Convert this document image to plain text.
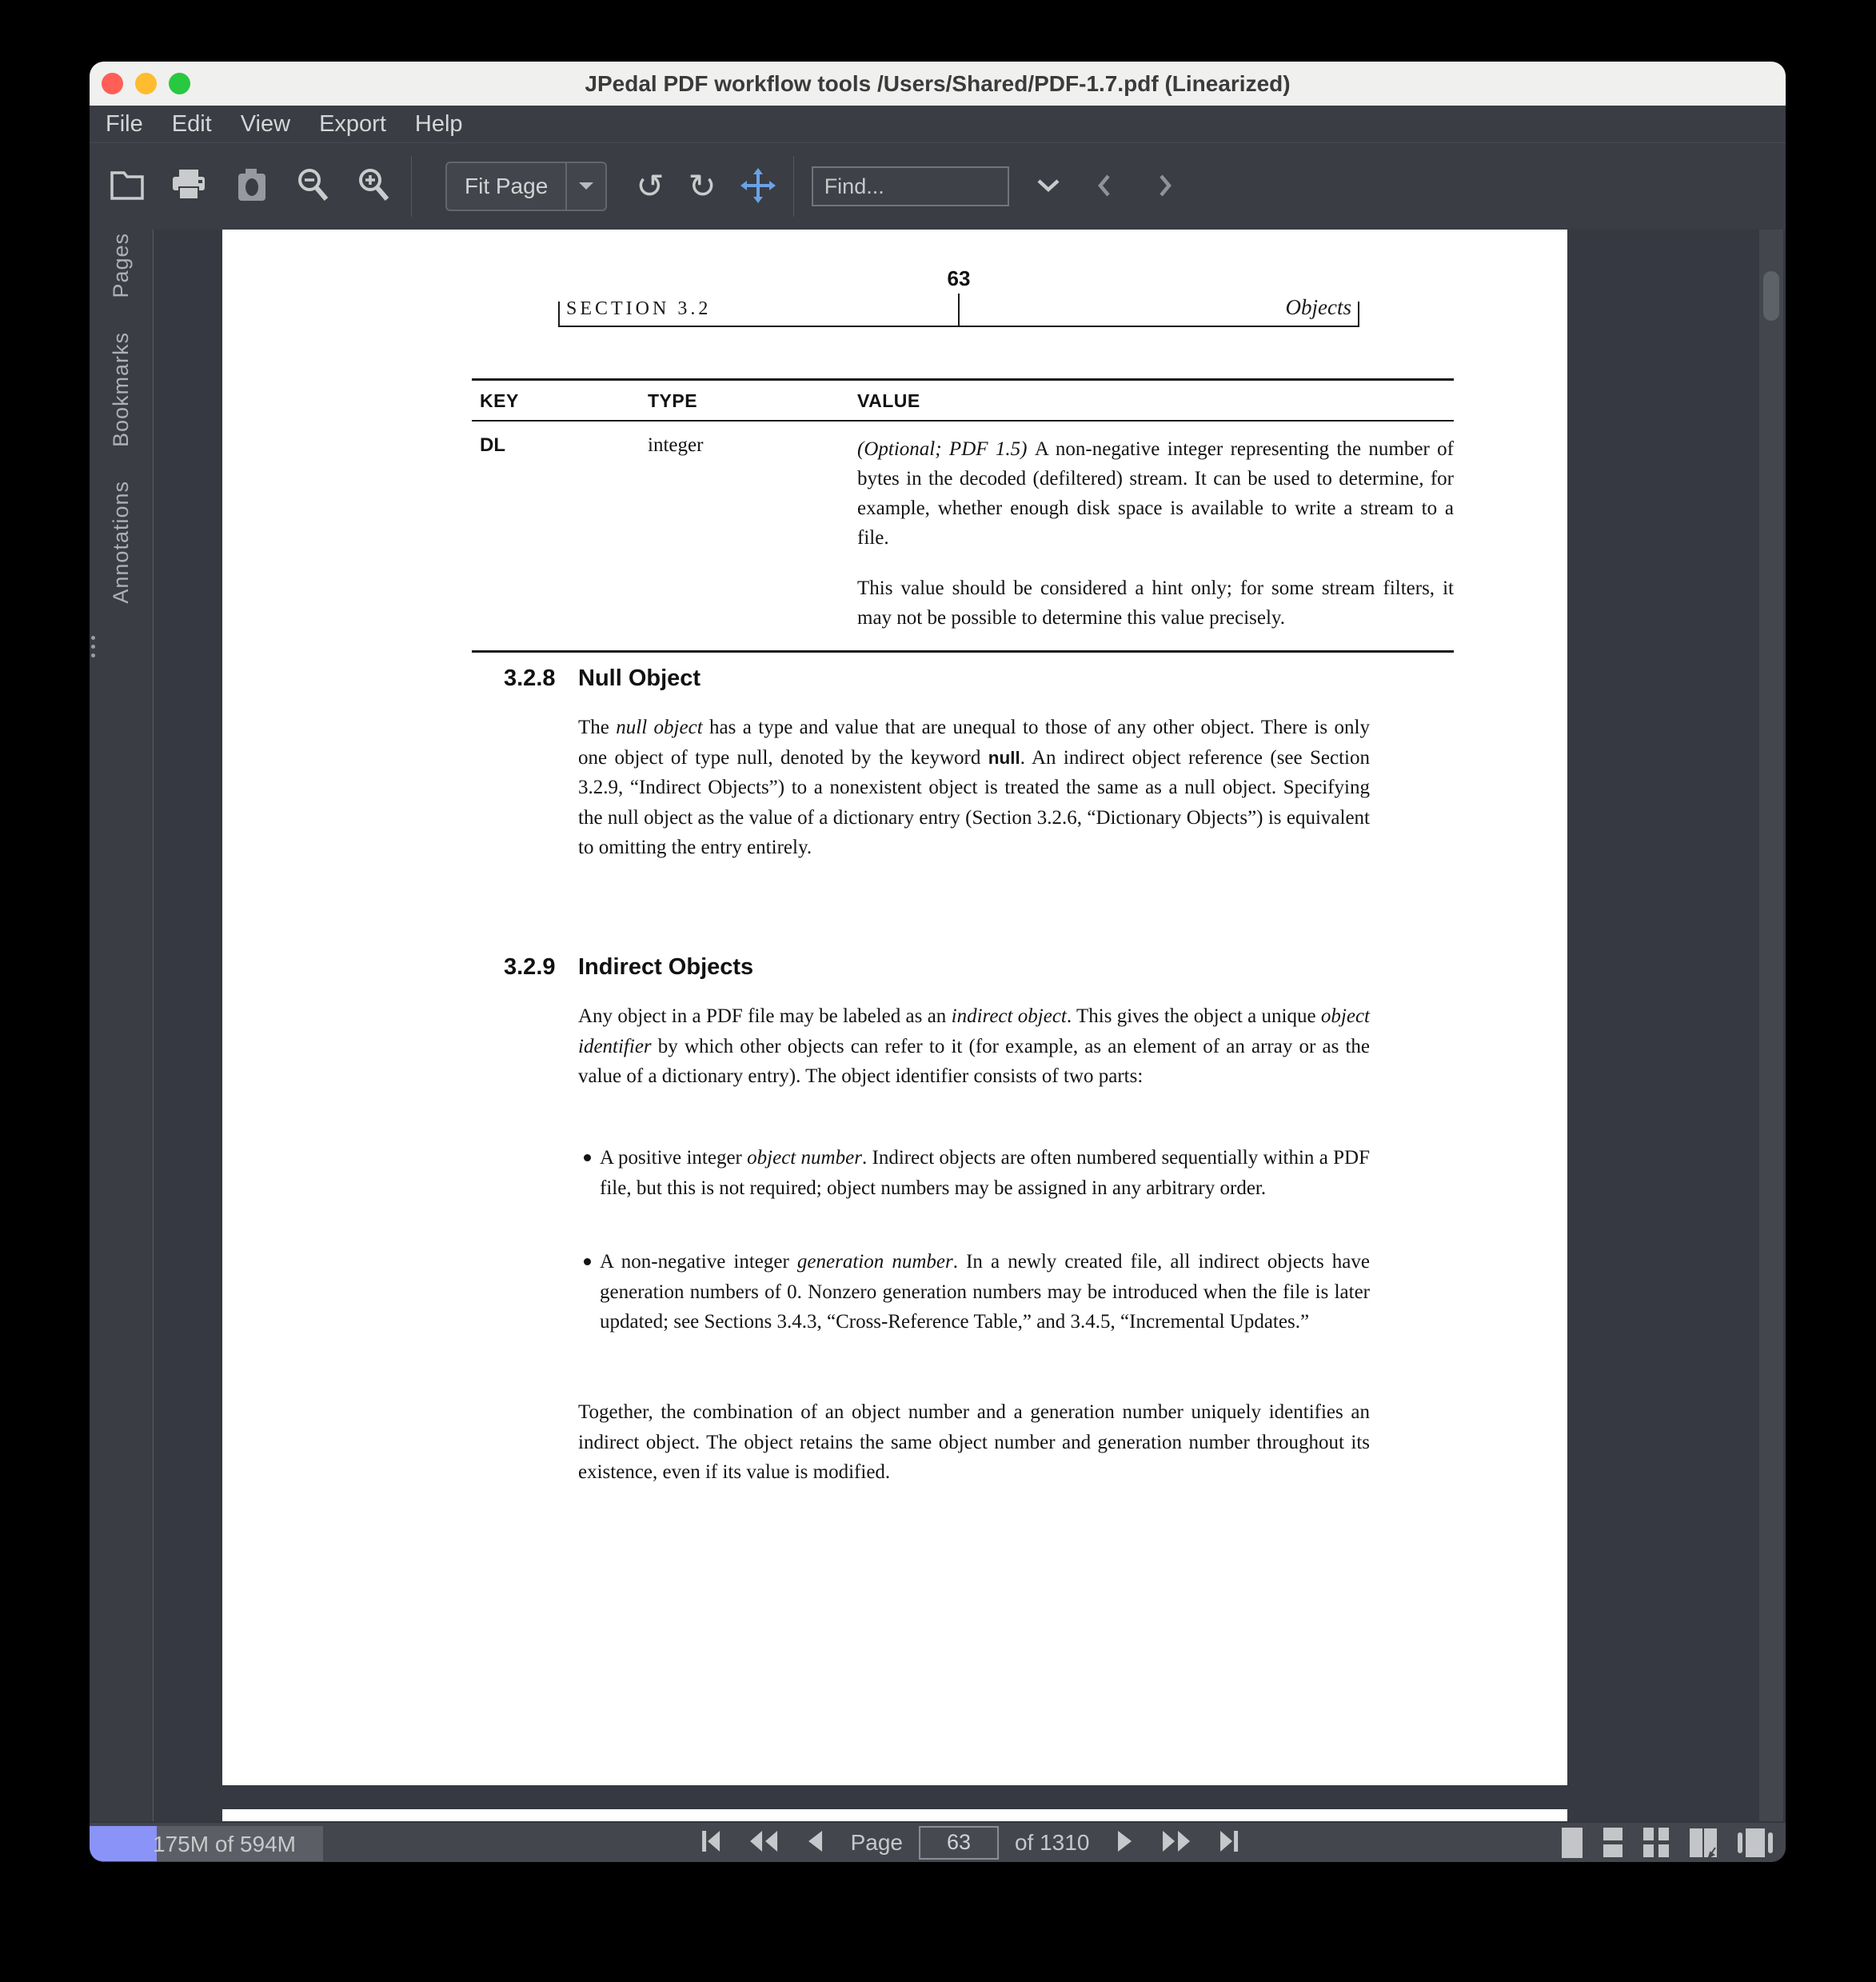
JPedal PDF workflow tools /Users/Shared/PDF-1.7.pdf (Linearized)
File Edit View Export Help
Fit Page	↺ ↻
Find...
Pages
Bookmarks
Annotations
63
SECTION 3.2	Objects
KEY	TYPE	VALUE
DL	integer	(Optional; PDF 1.5) A non-negative integer representing the number of bytes in the decoded (defiltered) stream. It can be used to determine, for example, whether enough disk space is available to write a stream to a file.

This value should be considered a hint only; for some stream filters, it may not be possible to determine this value precisely.

3.2.8 Null Object
The null object has a type and value that are unequal to those of any other object. There is only one object of type null, denoted by the keyword null. An indirect object reference (see Section 3.2.9, “Indirect Objects”) to a nonexistent object is treated the same as a null object. Specifying the null object as the value of a dictionary entry (Section 3.2.6, “Dictionary Objects”) is equivalent to omitting the entry entirely.
3.2.9 Indirect Objects
Any object in a PDF file may be labeled as an indirect object. This gives the object a unique object identifier by which other objects can refer to it (for example, as an element of an array or as the value of a dictionary entry). The object identifier consists of two parts:
A positive integer object number. Indirect objects are often numbered sequentially within a PDF file, but this is not required; object numbers may be assigned in any arbitrary order.
A non-negative integer generation number. In a newly created file, all indirect objects have generation numbers of 0. Nonzero generation numbers may be introduced when the file is later updated; see Sections 3.4.3, “Cross-Reference Table,” and 3.4.5, “Incremental Updates.”
Together, the combination of an object number and a generation number uniquely identifies an indirect object. The object retains the same object number and generation number throughout its existence, even if its value is modified.
175M of 594M	Page
63	of 1310
